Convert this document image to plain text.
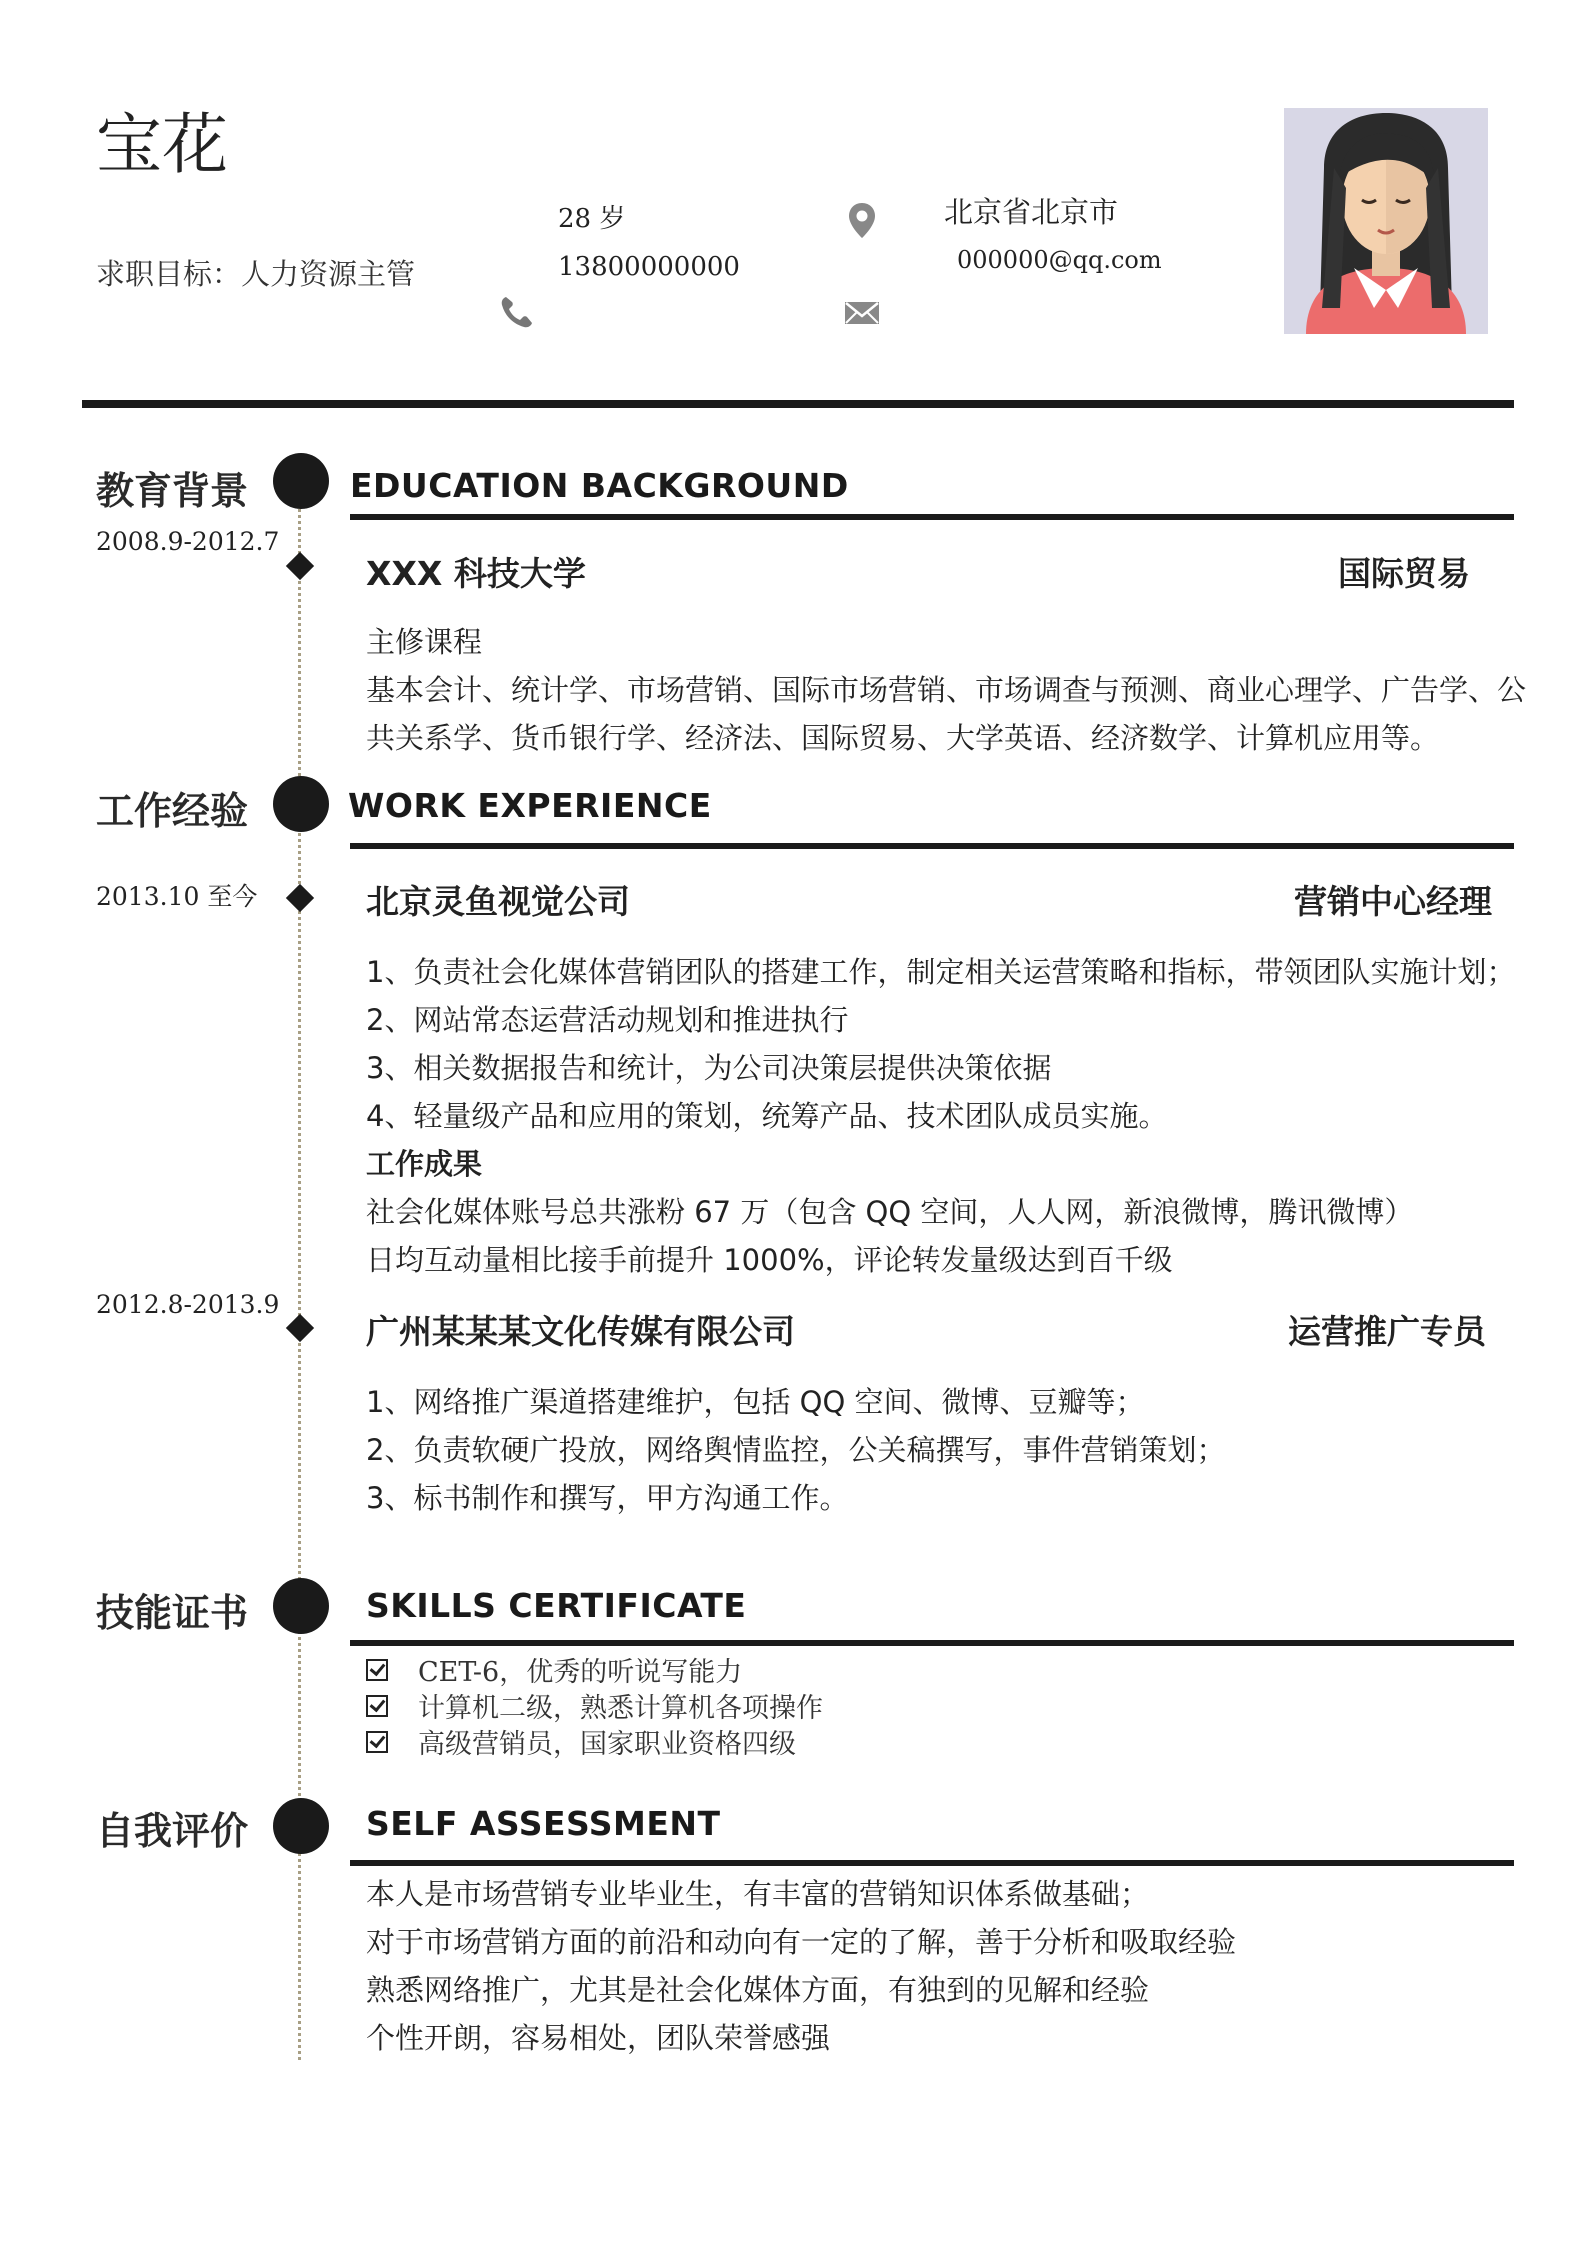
宝花
求职目标：人力资源主管
28 岁
13800000000
北京省北京市
000000@qq.com
教育背景	EDUCATION BACKGROUND
2008.9-2012.7
XXX 科技大学	国际贸易
主修课程
基本会计、统计学、市场营销、国际市场营销、市场调查与预测、商业心理学、广告学、公
共关系学、货币银行学、经济法、国际贸易、大学英语、经济数学、计算机应用等。
工作经验	WORK EXPERIENCE
2013.10 至今	北京灵鱼视觉公司	营销中心经理
1、负责社会化媒体营销团队的搭建工作，制定相关运营策略和指标，带领团队实施计划；
2、网站常态运营活动规划和推进执行
3、相关数据报告和统计，为公司决策层提供决策依据
4、轻量级产品和应用的策划，统筹产品、技术团队成员实施。
工作成果
社会化媒体账号总共涨粉 67 万（包含 QQ 空间，人人网，新浪微博，腾讯微博）
日均互动量相比接手前提升 1000%，评论转发量级达到百千级
2012.8-2013.9
广州某某某文化传媒有限公司	运营推广专员
1、网络推广渠道搭建维护，包括 QQ 空间、微博、豆瓣等；
2、负责软硬广投放，网络舆情监控，公关稿撰写，事件营销策划；
3、标书制作和撰写，甲方沟通工作。
技能证书	SKILLS CERTIFICATE
CET-6，优秀的听说写能力
计算机二级，熟悉计算机各项操作
高级营销员，国家职业资格四级
自我评价	SELF ASSESSMENT
本人是市场营销专业毕业生，有丰富的营销知识体系做基础；
对于市场营销方面的前沿和动向有一定的了解，善于分析和吸取经验
熟悉网络推广，尤其是社会化媒体方面，有独到的见解和经验
个性开朗，容易相处，团队荣誉感强
